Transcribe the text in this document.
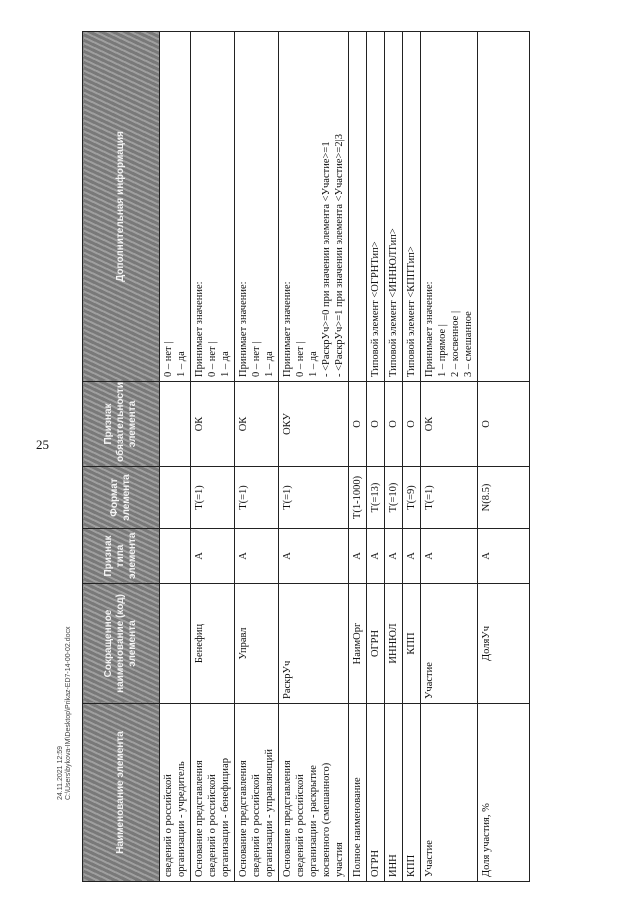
25
24.11.2021 12:59 С:\Users\bykova-IM\Desktop\Prikaz-ED7-14-00-02.docx	Наименование элемента	Сокращенное наименование (код) элемента	Признак типа элемента	Формат элемента	Признак обязательности элемента	Дополнительная информация

сведений о российской организации - учредитель					0 – нет | 1 – да

Основание представления сведений о российской организации - бенефициар	Бенефиц	А	Т(=1)	ОК	Принимает значение: 0 – нет | 1 – да

Основание представления сведений о российской организации - управляющий	Управл	А	Т(=1)	ОК	Принимает значение: 0 – нет | 1 – да

Основание представления сведений о российской организации - раскрытие косвенного (смешанного) участия	РаскрУч	А	Т(=1)	ОКУ	Принимает значение: 0 – нет | 1 – да - <РаскрУч>=0 при значении элемента <Участие>=1 - <РаскрУч>=1 при значении элемента <Участие>=2|3

Полное наименование	НаимОрг	А	Т(1-1000)	О	
ОГРН	ОГРН	А	Т(=13)	О	Типовой элемент <ОГРНТип>
ИНН	ИННЮЛ	А	Т(=10)	О	Типовой элемент <ИННЮЛТип>
КПП	КПП	А	Т(=9)	О	Типовой элемент <КППТип>
Участие	Участие	А	Т(=1)	ОК	Принимает значение: 1 – прямое | 2 – косвенное | 3 – смешанное

Доля участия, %	ДоляУч	А	N(8.5)	О	
